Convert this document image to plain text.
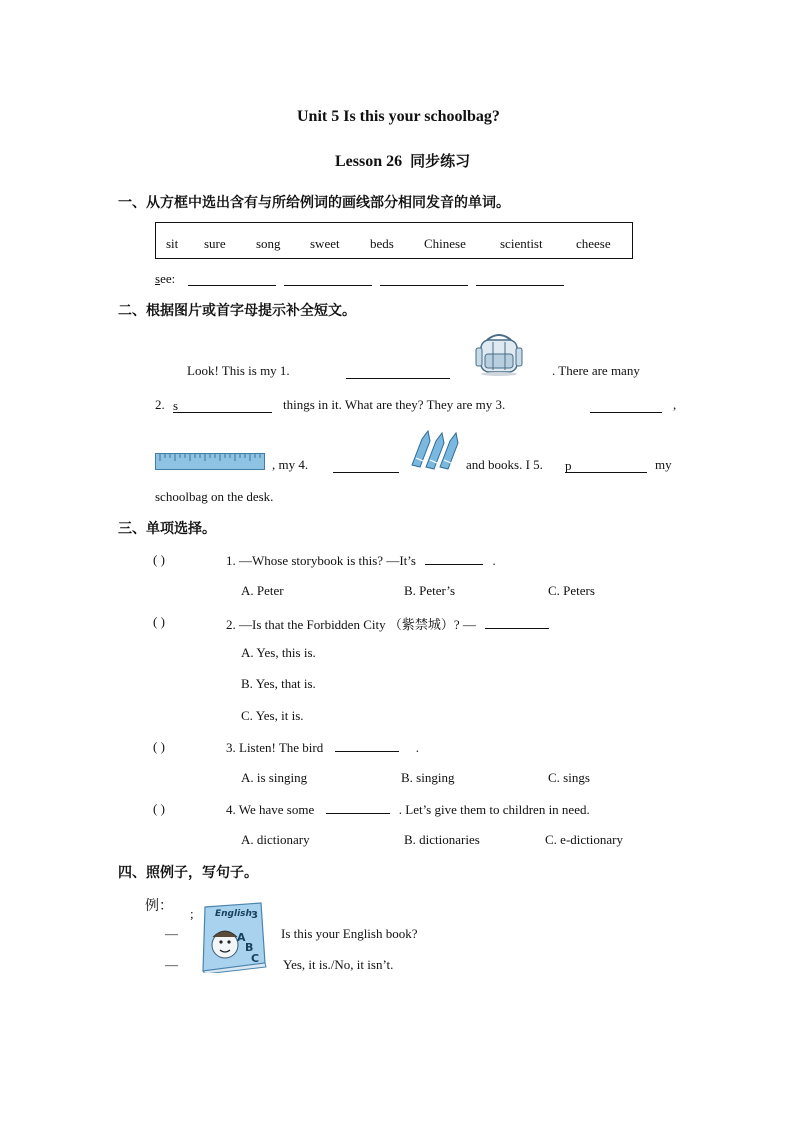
Unit 5 Is this your schoolbag?
Lesson 26 同步练习
一、从方框中选出含有与所给例词的画线部分相同发音的单词。
sit sure song sweet beds Chinese	scientist	cheese
see:
二、根据图片或首字母提示补全短文。
Look! This is my 1.	. There are many
2. s	things in it. What are they? They are my 3.	,
, my 4.	and books. I 5. p	my
schoolbag on the desk.
三、单项选择。
( )	1. —Whose storybook is this? —It’s	.
A. Peter	B. Peter’s	C. Peters
( )	2. —Is that the Forbidden City （紫禁城）? —
A. Yes, this is.
B. Yes, that is.
C. Yes, it is.
( )	3. Listen! The bird	.
A. is singing	B. singing	C. sings
( )	4. We have some	. Let’s give them to children in need.
A. dictionary	B. dictionaries	C. e-dictionary
四、照例子，写句子。
例： ;
—
—
English 3
A
B
C
Is this your English book?
Yes, it is./No, it isn’t.
